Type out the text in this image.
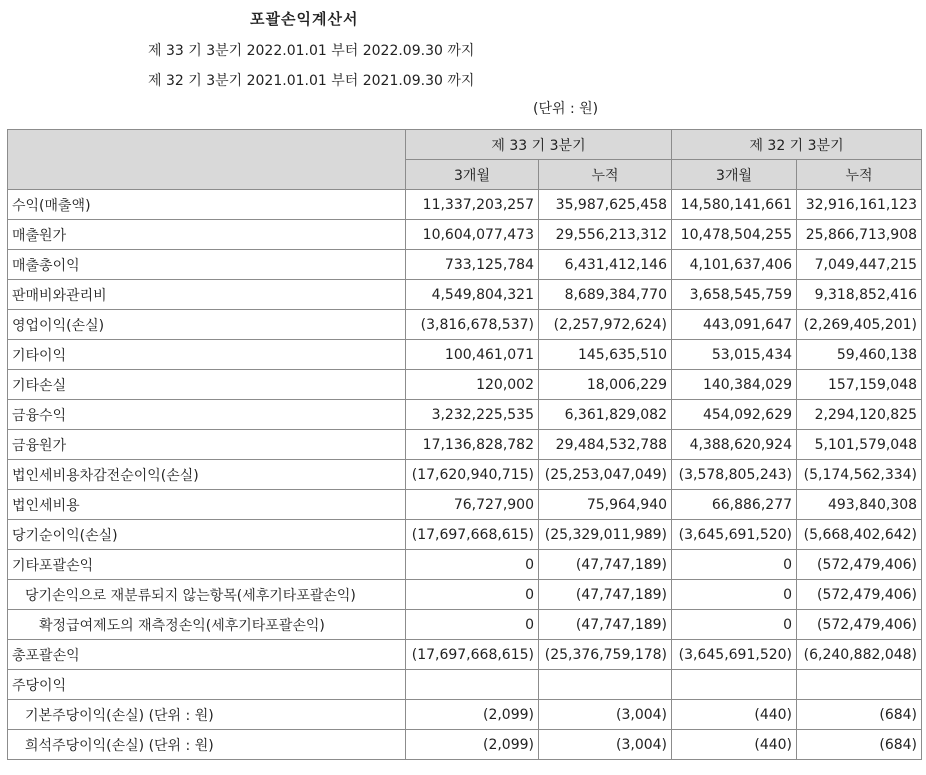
포괄손익계산서
제 33 기 3분기 2022.01.01 부터 2022.09.30 까지
제 32 기 3분기 2021.01.01 부터 2021.09.30 까지
(단위 : 원)
	제 33 기 3분기		제 32 기 3분기	
	3개월	누적	3개월	누적
수익(매출액)	11,337,203,257	35,987,625,458	14,580,141,661	32,916,161,123
매출원가	10,604,077,473	29,556,213,312	10,478,504,255	25,866,713,908
매출총이익	733,125,784	6,431,412,146	4,101,637,406	7,049,447,215
판매비와관리비	4,549,804,321	8,689,384,770	3,658,545,759	9,318,852,416
영업이익(손실)	(3,816,678,537)	(2,257,972,624)	443,091,647	(2,269,405,201)
기타이익	100,461,071	145,635,510	53,015,434	59,460,138
기타손실	120,002	18,006,229	140,384,029	157,159,048
금융수익	3,232,225,535	6,361,829,082	454,092,629	2,294,120,825
금융원가	17,136,828,782	29,484,532,788	4,388,620,924	5,101,579,048
법인세비용차감전순이익(손실)	(17,620,940,715)	(25,253,047,049)	(3,578,805,243)	(5,174,562,334)
법인세비용	76,727,900	75,964,940	66,886,277	493,840,308
당기순이익(손실)	(17,697,668,615)	(25,329,011,989)	(3,645,691,520)	(5,668,402,642)
기타포괄손익	0	(47,747,189)	0	(572,479,406)
당기손익으로 재분류되지 않는항목(세후기타포괄손익)	0	(47,747,189)	0	(572,479,406)
확정급여제도의 재측정손익(세후기타포괄손익)	0	(47,747,189)	0	(572,479,406)
총포괄손익	(17,697,668,615)	(25,376,759,178)	(3,645,691,520)	(6,240,882,048)
주당이익				
기본주당이익(손실) (단위 : 원)	(2,099)	(3,004)	(440)	(684)
희석주당이익(손실) (단위 : 원)	(2,099)	(3,004)	(440)	(684)
